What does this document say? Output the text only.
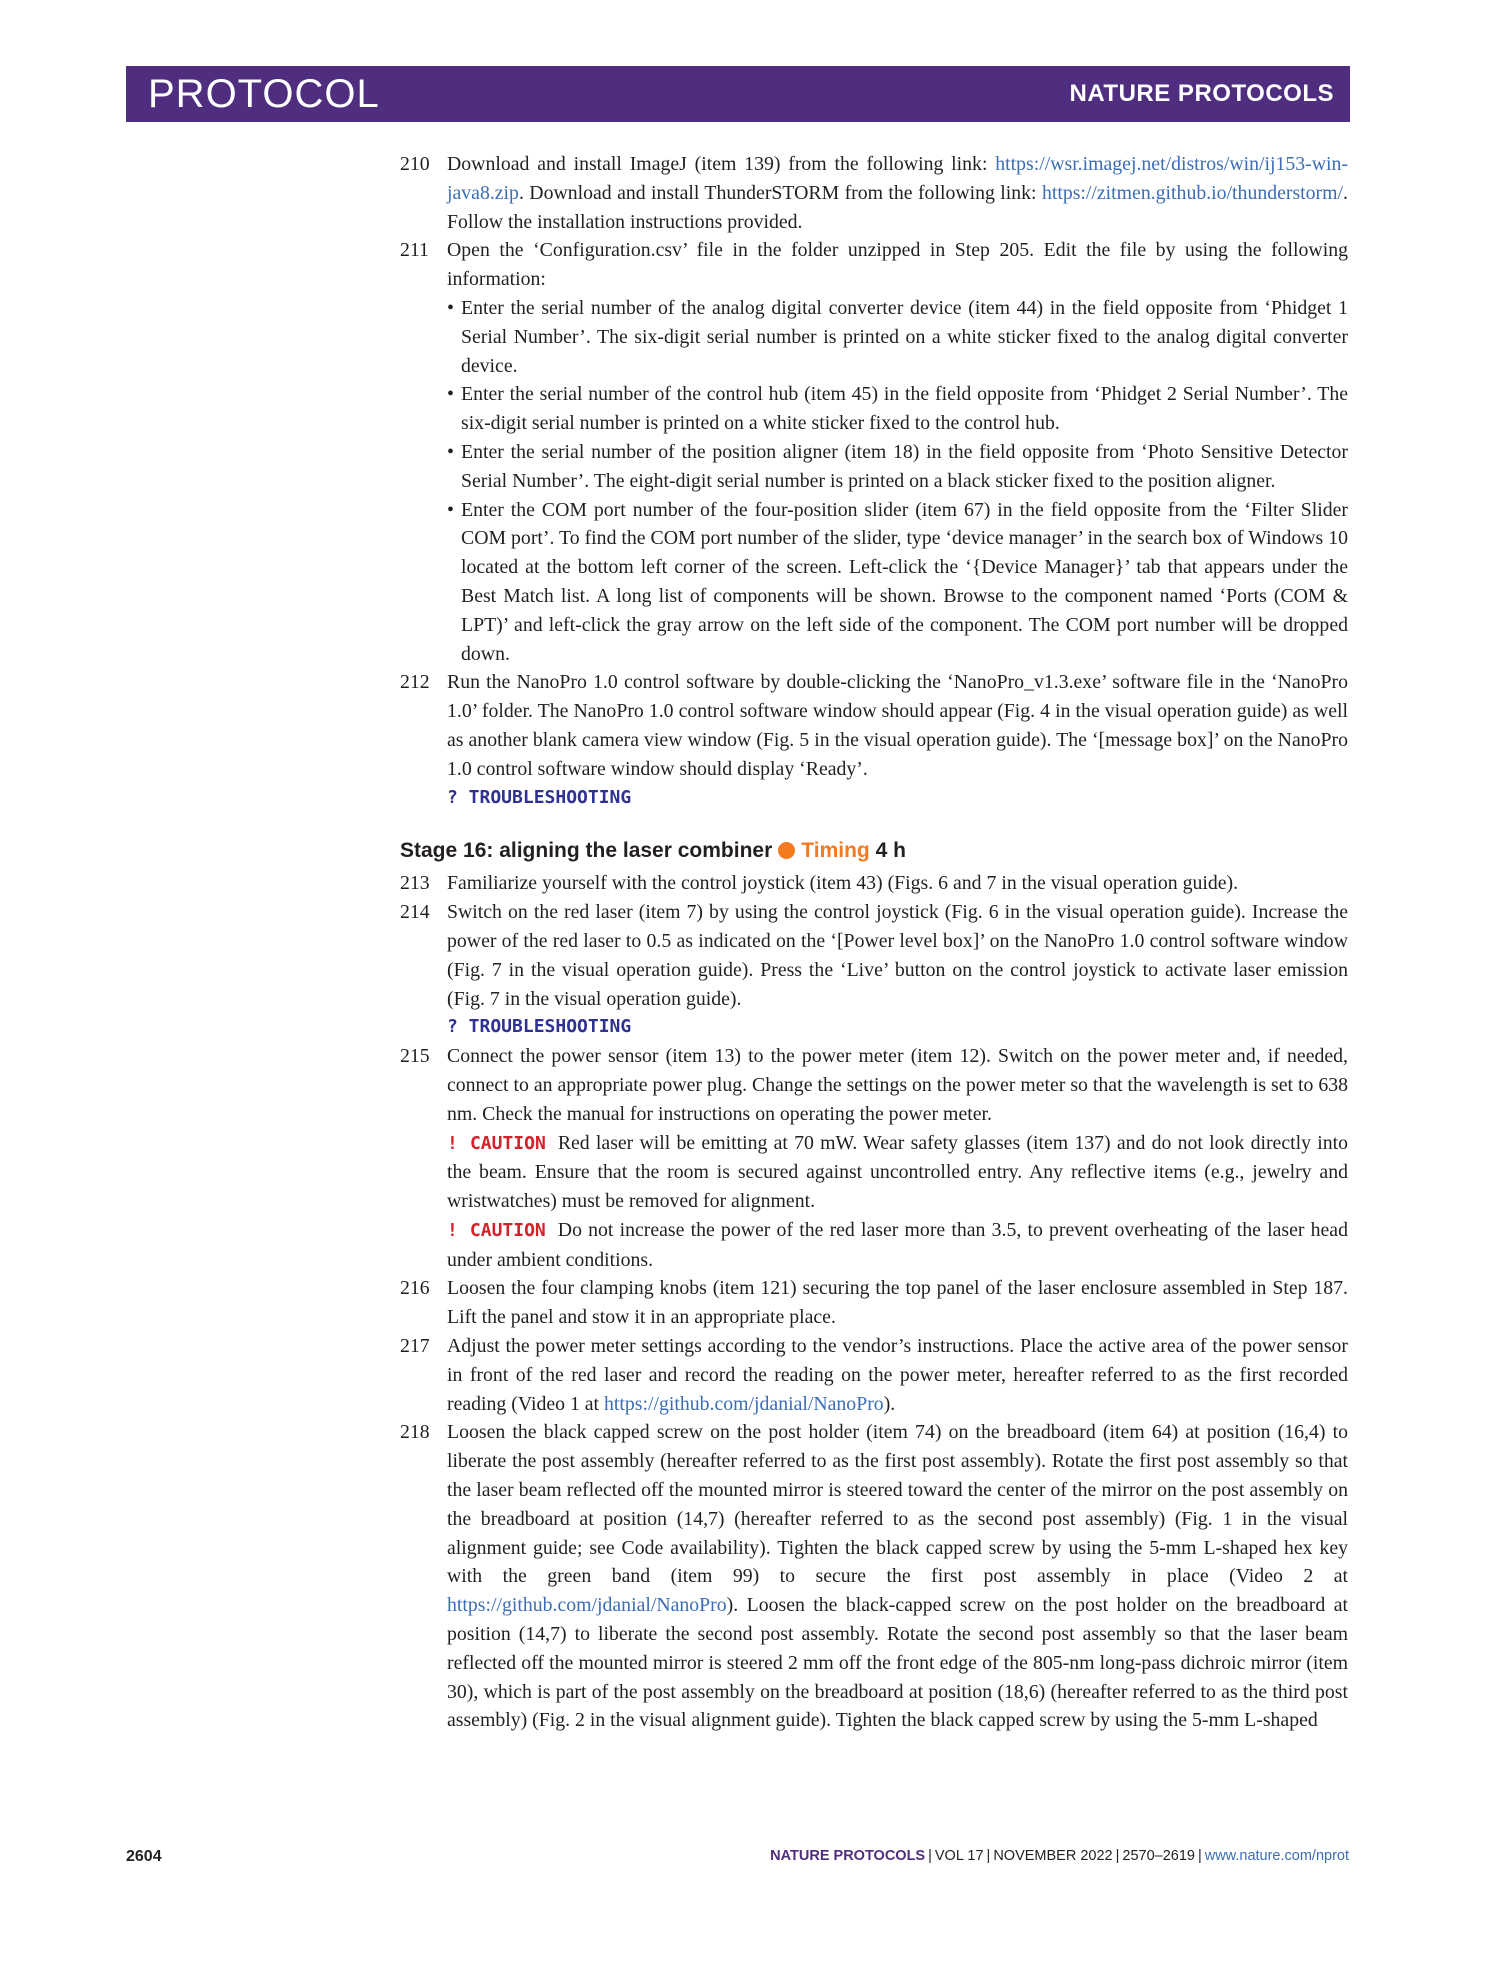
PROTOCOL	NATURE PROTOCOLS
210 Download and install ImageJ (item 139) from the following link: https://wsr.imagej.net/distros/win/ij153-win-java8.zip. Download and install ThunderSTORM from the following link: https://zitmen.github.io/thunderstorm/. Follow the installation instructions provided.
211 Open the ‘Configuration.csv’ file in the folder unzipped in Step 205. Edit the file by using the following information:
• Enter the serial number of the analog digital converter device (item 44) in the field opposite from ‘Phidget 1 Serial Number’. The six-digit serial number is printed on a white sticker fixed to the analog digital converter device.
• Enter the serial number of the control hub (item 45) in the field opposite from ‘Phidget 2 Serial Number’. The six-digit serial number is printed on a white sticker fixed to the control hub.
• Enter the serial number of the position aligner (item 18) in the field opposite from ‘Photo Sensitive Detector Serial Number’. The eight-digit serial number is printed on a black sticker fixed to the position aligner.
• Enter the COM port number of the four-position slider (item 67) in the field opposite from the ‘Filter Slider COM port’. To find the COM port number of the slider, type ‘device manager’ in the search box of Windows 10 located at the bottom left corner of the screen. Left-click the ‘{Device Manager}’ tab that appears under the Best Match list. A long list of components will be shown. Browse to the component named ‘Ports (COM & LPT)’ and left-click the gray arrow on the left side of the component. The COM port number will be dropped down.
212 Run the NanoPro 1.0 control software by double-clicking the ‘NanoPro_v1.3.exe’ software file in the ‘NanoPro 1.0’ folder. The NanoPro 1.0 control software window should appear (Fig. 4 in the visual operation guide) as well as another blank camera view window (Fig. 5 in the visual operation guide). The ‘[message box]’ on the NanoPro 1.0 control software window should display ‘Ready’.
? TROUBLESHOOTING
Stage 16: aligning the laser combiner Timing 4 h
213 Familiarize yourself with the control joystick (item 43) (Figs. 6 and 7 in the visual operation guide).
214 Switch on the red laser (item 7) by using the control joystick (Fig. 6 in the visual operation guide). Increase the power of the red laser to 0.5 as indicated on the ‘[Power level box]’ on the NanoPro 1.0 control software window (Fig. 7 in the visual operation guide). Press the ‘Live’ button on the control joystick to activate laser emission (Fig. 7 in the visual operation guide).
? TROUBLESHOOTING
215 Connect the power sensor (item 13) to the power meter (item 12). Switch on the power meter and, if needed, connect to an appropriate power plug. Change the settings on the power meter so that the wavelength is set to 638 nm. Check the manual for instructions on operating the power meter.
! CAUTION Red laser will be emitting at 70 mW. Wear safety glasses (item 137) and do not look directly into the beam. Ensure that the room is secured against uncontrolled entry. Any reflective items (e.g., jewelry and wristwatches) must be removed for alignment.
! CAUTION Do not increase the power of the red laser more than 3.5, to prevent overheating of the laser head under ambient conditions.
216 Loosen the four clamping knobs (item 121) securing the top panel of the laser enclosure assembled in Step 187. Lift the panel and stow it in an appropriate place.
217 Adjust the power meter settings according to the vendor’s instructions. Place the active area of the power sensor in front of the red laser and record the reading on the power meter, hereafter referred to as the first recorded reading (Video 1 at https://github.com/jdanial/NanoPro).
218 Loosen the black capped screw on the post holder (item 74) on the breadboard (item 64) at position (16,4) to liberate the post assembly (hereafter referred to as the first post assembly). Rotate the first post assembly so that the laser beam reflected off the mounted mirror is steered toward the center of the mirror on the post assembly on the breadboard at position (14,7) (hereafter referred to as the second post assembly) (Fig. 1 in the visual alignment guide; see Code availability). Tighten the black capped screw by using the 5-mm L-shaped hex key with the green band (item 99) to secure the first post assembly in place (Video 2 at https://github.com/jdanial/NanoPro). Loosen the black-capped screw on the post holder on the breadboard at position (14,7) to liberate the second post assembly. Rotate the second post assembly so that the laser beam reflected off the mounted mirror is steered 2 mm off the front edge of the 805-nm long-pass dichroic mirror (item 30), which is part of the post assembly on the breadboard at position (18,6) (hereafter referred to as the third post assembly) (Fig. 2 in the visual alignment guide). Tighten the black capped screw by using the 5-mm L-shaped
2604	NATURE PROTOCOLS | VOL 17 | NOVEMBER 2022 | 2570–2619 | www.nature.com/nprot
